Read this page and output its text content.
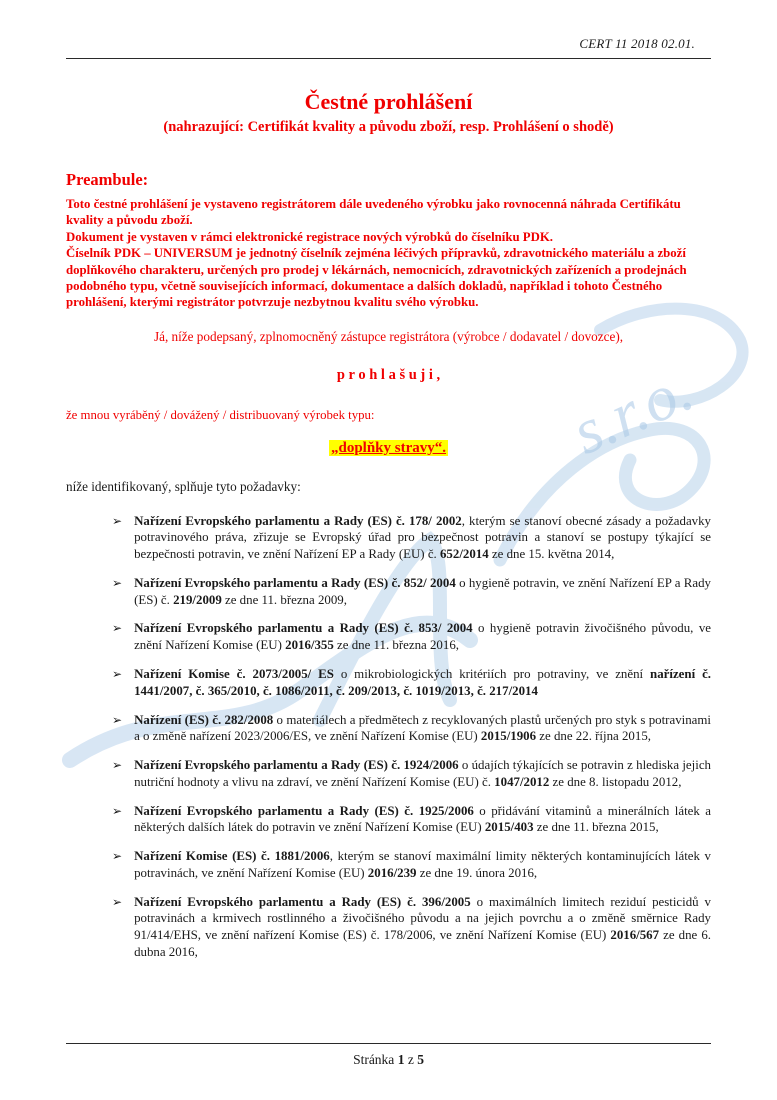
s.r.o.
CERT 11 2018 02.01.
Čestné prohlášení
(nahrazující: Certifikát kvality a původu zboží, resp. Prohlášení o shodě)
Preambule:

Toto čestné prohlášení je vystaveno registrátorem dále uvedeného výrobku jako rovnocenná náhrada Certifikátu kvality a původu zboží.

Dokument je vystaven v rámci elektronické registrace nových výrobků do číselníku PDK.

Číselník PDK – UNIVERSUM je jednotný číselník zejména léčivých přípravků, zdravotnického materiálu a zboží doplňkového charakteru, určených pro prodej v lékárnách, nemocnicích, zdravotnických zařízeních a prodejnách podobného typu, včetně souvisejících informací, dokumentace a dalších dokladů, například i tohoto Čestného prohlášení, kterými registrátor potvrzuje nezbytnou kvalitu svého výrobku.

Já, níže podepsaný, zplnomocněný zástupce registrátora (výrobce / dodavatel / dovozce),
p r o h l a š u j i ,
že mnou vyráběný / dovážený / distribuovaný výrobek typu:
„doplňky stravy“.
níže identifikovaný, splňuje tyto požadavky:
➢ Nařízení Evropského parlamentu a Rady (ES) č. 178/ 2002, kterým se stanoví obecné zásady a požadavky potravinového práva, zřizuje se Evropský úřad pro bezpečnost potravin a stanoví se postupy týkající se bezpečnosti potravin, ve znění Nařízení EP a Rady (EU) č. 652/2014 ze dne 15. května 2014,
➢ Nařízení Evropského parlamentu a Rady (ES) č. 852/ 2004 o hygieně potravin, ve znění Nařízení EP a Rady (ES) č. 219/2009 ze dne 11. března 2009,
➢ Nařízení Evropského parlamentu a Rady (ES) č. 853/ 2004 o hygieně potravin živočišného původu, ve znění Nařízení Komise (EU) 2016/355 ze dne 11. března 2016,
➢ Nařízení Komise č. 2073/2005/ ES o mikrobiologických kritériích pro potraviny, ve znění nařízení č. 1441/2007, č. 365/2010, č. 1086/2011, č. 209/2013, č. 1019/2013, č. 217/2014
➢ Nařízení (ES) č. 282/2008 o materiálech a předmětech z recyklovaných plastů určených pro styk s potravinami a o změně nařízení 2023/2006/ES, ve znění Nařízení Komise (EU) 2015/1906 ze dne 22. října 2015,
➢ Nařízení Evropského parlamentu a Rady (ES) č. 1924/2006 o údajích týkajících se potravin z hlediska jejich nutriční hodnoty a vlivu na zdraví, ve znění Nařízení Komise (EU) č. 1047/2012 ze dne 8. listopadu 2012,
➢ Nařízení Evropského parlamentu a Rady (ES) č. 1925/2006 o přidávání vitaminů a minerálních látek a některých dalších látek do potravin ve znění Nařízení Komise (EU) 2015/403 ze dne 11. března 2015,
➢ Nařízení Komise (ES) č. 1881/2006, kterým se stanoví maximální limity některých kontaminujících látek v potravinách, ve znění Nařízení Komise (EU) 2016/239 ze dne 19. února 2016,
➢ Nařízení Evropského parlamentu a Rady (ES) č. 396/2005 o maximálních limitech reziduí pesticidů v potravinách a krmivech rostlinného a živočišného původu a na jejich povrchu a o změně směrnice Rady 91/414/EHS, ve znění nařízení Komise (ES) č. 178/2006, ve znění Nařízení Komise (EU) 2016/567 ze dne 6. dubna 2016,
Stránka 1 z 5
